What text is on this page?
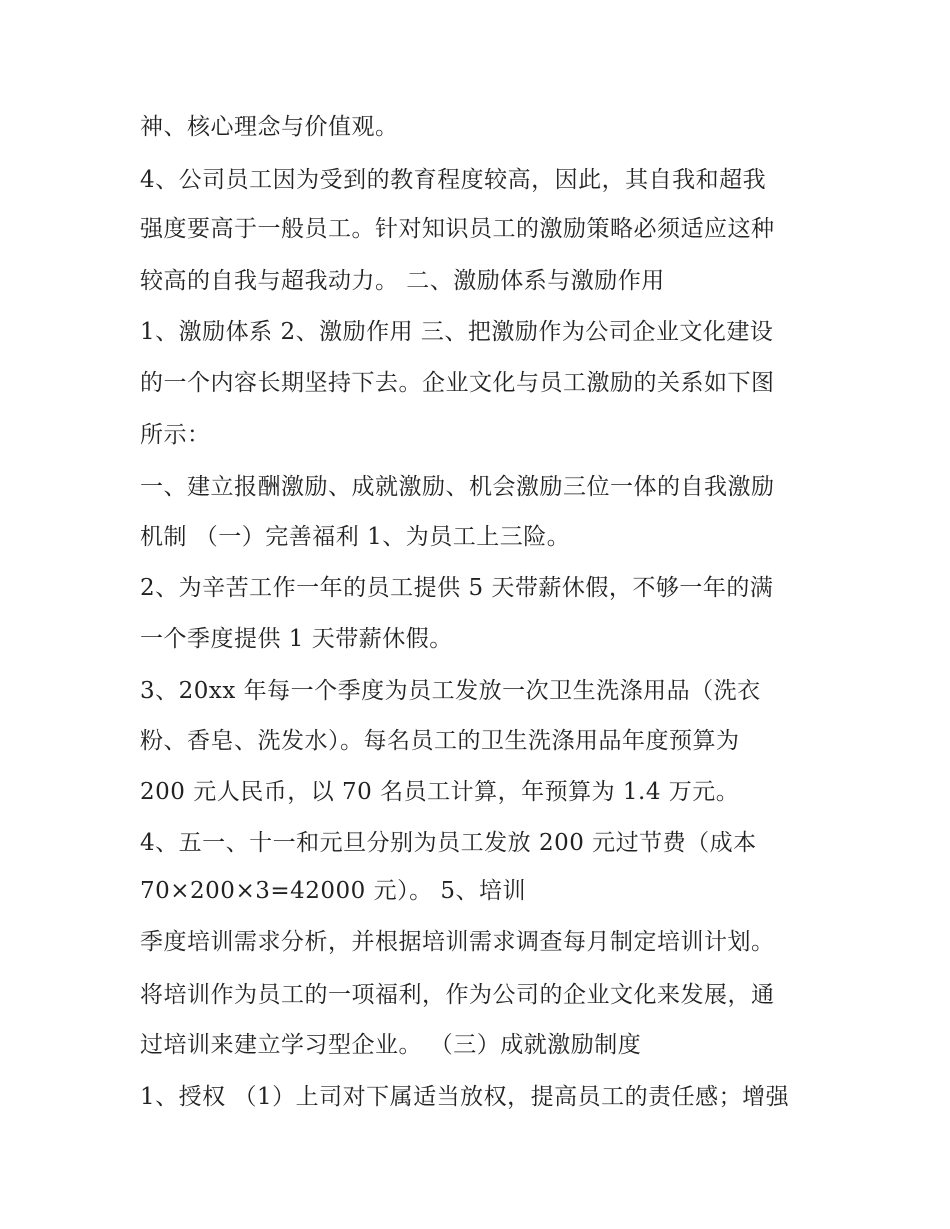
神、核心理念与价值观。

4、公司员工因为受到的教育程度较高，因此，其自我和超我

强度要高于一般员工。针对知识员工的激励策略必须适应这种

较高的自我与超我动力。 二、激励体系与激励作用

1、激励体系 2、激励作用 三、把激励作为公司企业文化建设

的一个内容长期坚持下去。企业文化与员工激励的关系如下图

所示：

一、建立报酬激励、成就激励、机会激励三位一体的自我激励

机制 （一）完善福利 1、为员工上三险。

2、为辛苦工作一年的员工提供 5 天带薪休假，不够一年的满

一个季度提供 1 天带薪休假。

3、20xx 年每一个季度为员工发放一次卫生洗涤用品（洗衣

粉、香皂、洗发水）。每名员工的卫生洗涤用品年度预算为

200 元人民币，以 70 名员工计算，年预算为 1.4 万元。

4、五一、十一和元旦分别为员工发放 200 元过节费（成本

70×200×3=42000 元）。 5、培训

季度培训需求分析，并根据培训需求调查每月制定培训计划。

将培训作为员工的一项福利，作为公司的企业文化来发展，通

过培训来建立学习型企业。 （三）成就激励制度

1、授权 （1）上司对下属适当放权，提高员工的责任感；增强
